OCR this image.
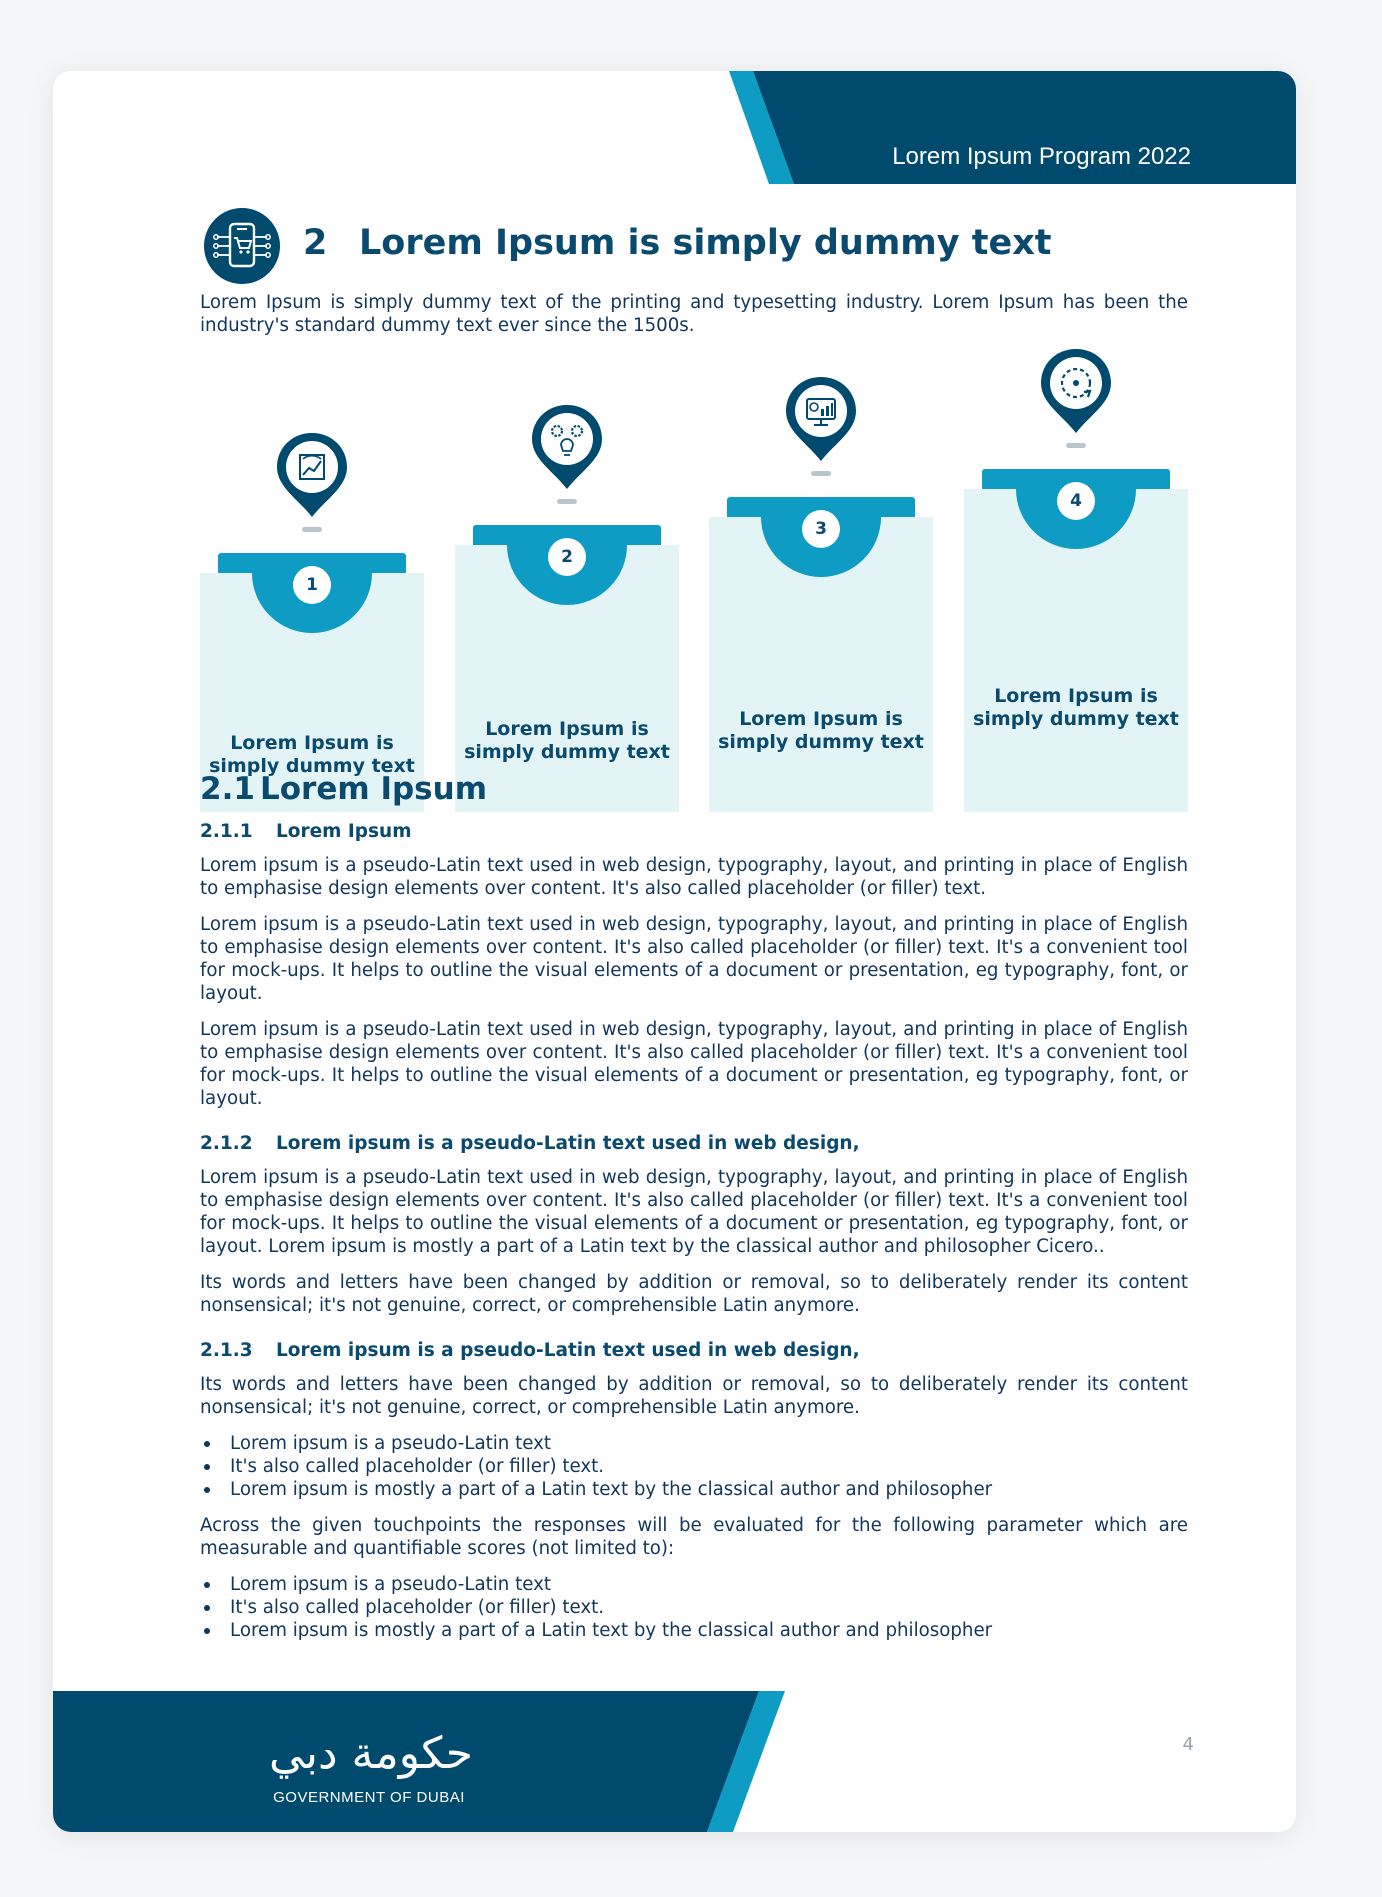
Lorem Ipsum Program 2022
2 Lorem Ipsum is simply dummy text
Lorem Ipsum is simply dummy text of the printing and typesetting industry. Lorem Ipsum has been the industry's standard dummy text ever since the 1500s.
1
Lorem Ipsum is simply dummy text
2
Lorem Ipsum is simply dummy text
3
Lorem Ipsum is simply dummy text
4
Lorem Ipsum is simply dummy text
2.1 Lorem Ipsum
2.1.1 Lorem Ipsum

Lorem ipsum is a pseudo-Latin text used in web design, typography, layout, and printing in place of English to emphasise design elements over content. It's also called placeholder (or filler) text.

Lorem ipsum is a pseudo-Latin text used in web design, typography, layout, and printing in place of English to emphasise design elements over content. It's also called placeholder (or filler) text. It's a convenient tool for mock-ups. It helps to outline the visual elements of a document or presentation, eg typography, font, or layout.

Lorem ipsum is a pseudo-Latin text used in web design, typography, layout, and printing in place of English to emphasise design elements over content. It's also called placeholder (or filler) text. It's a convenient tool for mock-ups. It helps to outline the visual elements of a document or presentation, eg typography, font, or layout.

2.1.2 Lorem ipsum is a pseudo-Latin text used in web design,

Lorem ipsum is a pseudo-Latin text used in web design, typography, layout, and printing in place of English to emphasise design elements over content. It's also called placeholder (or filler) text. It's a convenient tool for mock-ups. It helps to outline the visual elements of a document or presentation, eg typography, font, or layout. Lorem ipsum is mostly a part of a Latin text by the classical author and philosopher Cicero..

Its words and letters have been changed by addition or removal, so to deliberately render its content nonsensical; it's not genuine, correct, or comprehensible Latin anymore.

2.1.3 Lorem ipsum is a pseudo-Latin text used in web design,

Its words and letters have been changed by addition or removal, so to deliberately render its content nonsensical; it's not genuine, correct, or comprehensible Latin anymore.

Lorem ipsum is a pseudo-Latin text
It's also called placeholder (or filler) text.
Lorem ipsum is mostly a part of a Latin text by the classical author and philosopher

Across the given touchpoints the responses will be evaluated for the following parameter which are measurable and quantifiable scores (not limited to):

Lorem ipsum is a pseudo-Latin text
It's also called placeholder (or filler) text.
Lorem ipsum is mostly a part of a Latin text by the classical author and philosopher
حكومة دبي
GOVERNMENT OF DUBAI
4
